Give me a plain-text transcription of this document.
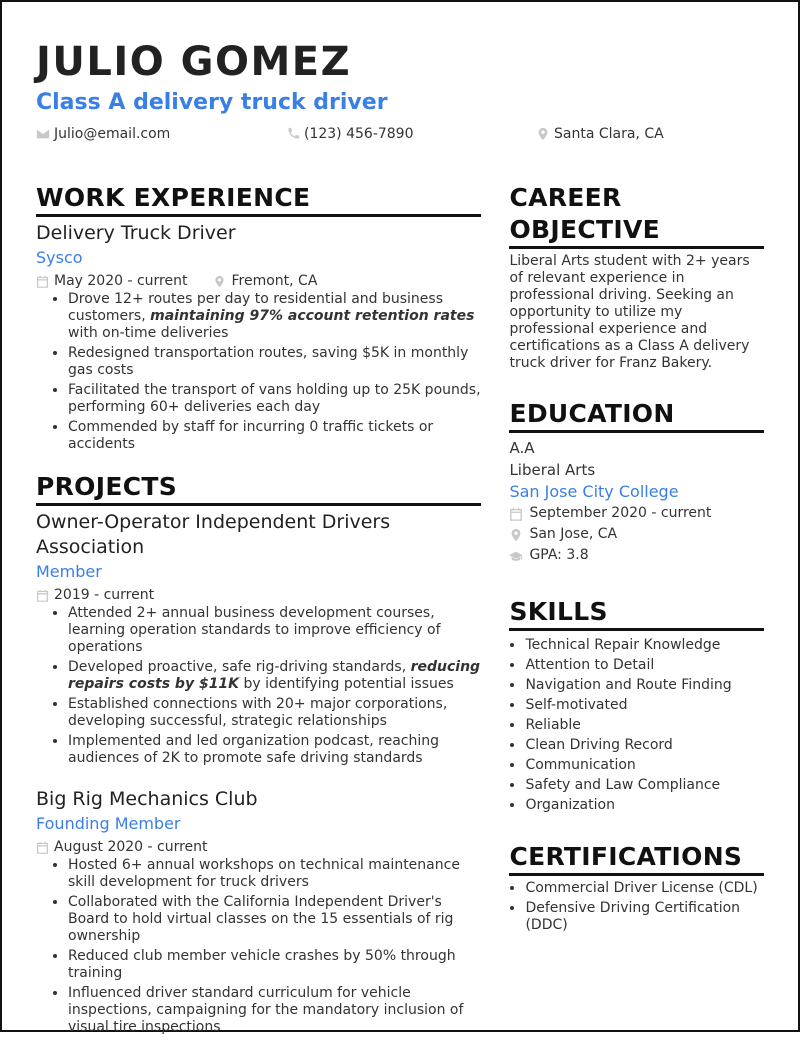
JULIO GOMEZ
Class A delivery truck driver
Julio@email.com	(123) 456-7890	Santa Clara, CA
WORK EXPERIENCE
Delivery Truck Driver
Sysco
May 2020 - current	Fremont, CA
• Drove 12+ routes per day to residential and business customers, maintaining 97% account retention rates with on-time deliveries
• Redesigned transportation routes, saving $5K in monthly gas costs
• Facilitated the transport of vans holding up to 25K pounds, performing 60+ deliveries each day
• Commended by staff for incurring 0 traffic tickets or accidents
PROJECTS
Owner-Operator Independent Drivers Association
Member
2019 - current
• Attended 2+ annual business development courses, learning operation standards to improve efficiency of operations
• Developed proactive, safe rig-driving standards, reducing repairs costs by $11K by identifying potential issues
• Established connections with 20+ major corporations, developing successful, strategic relationships
• Implemented and led organization podcast, reaching audiences of 2K to promote safe driving standards
Big Rig Mechanics Club
Founding Member
August 2020 - current
• Hosted 6+ annual workshops on technical maintenance skill development for truck drivers
• Collaborated with the California Independent Driver's Board to hold virtual classes on the 15 essentials of rig ownership
• Reduced club member vehicle crashes by 50% through training
• Influenced driver standard curriculum for vehicle inspections, campaigning for the mandatory inclusion of visual tire inspections
CAREER
OBJECTIVE

Liberal Arts student with 2+ years of relevant experience in professional driving. Seeking an opportunity to utilize my professional experience and certifications as a Class A delivery truck driver for Franz Bakery.

EDUCATION
A.A
Liberal Arts
San Jose City College
September 2020 - current
San Jose, CA
GPA: 3.8
SKILLS
• Technical Repair Knowledge
• Attention to Detail
• Navigation and Route Finding
• Self-motivated
• Reliable
• Clean Driving Record
• Communication
• Safety and Law Compliance
• Organization
CERTIFICATIONS
• Commercial Driver License (CDL)
• Defensive Driving Certification (DDC)
